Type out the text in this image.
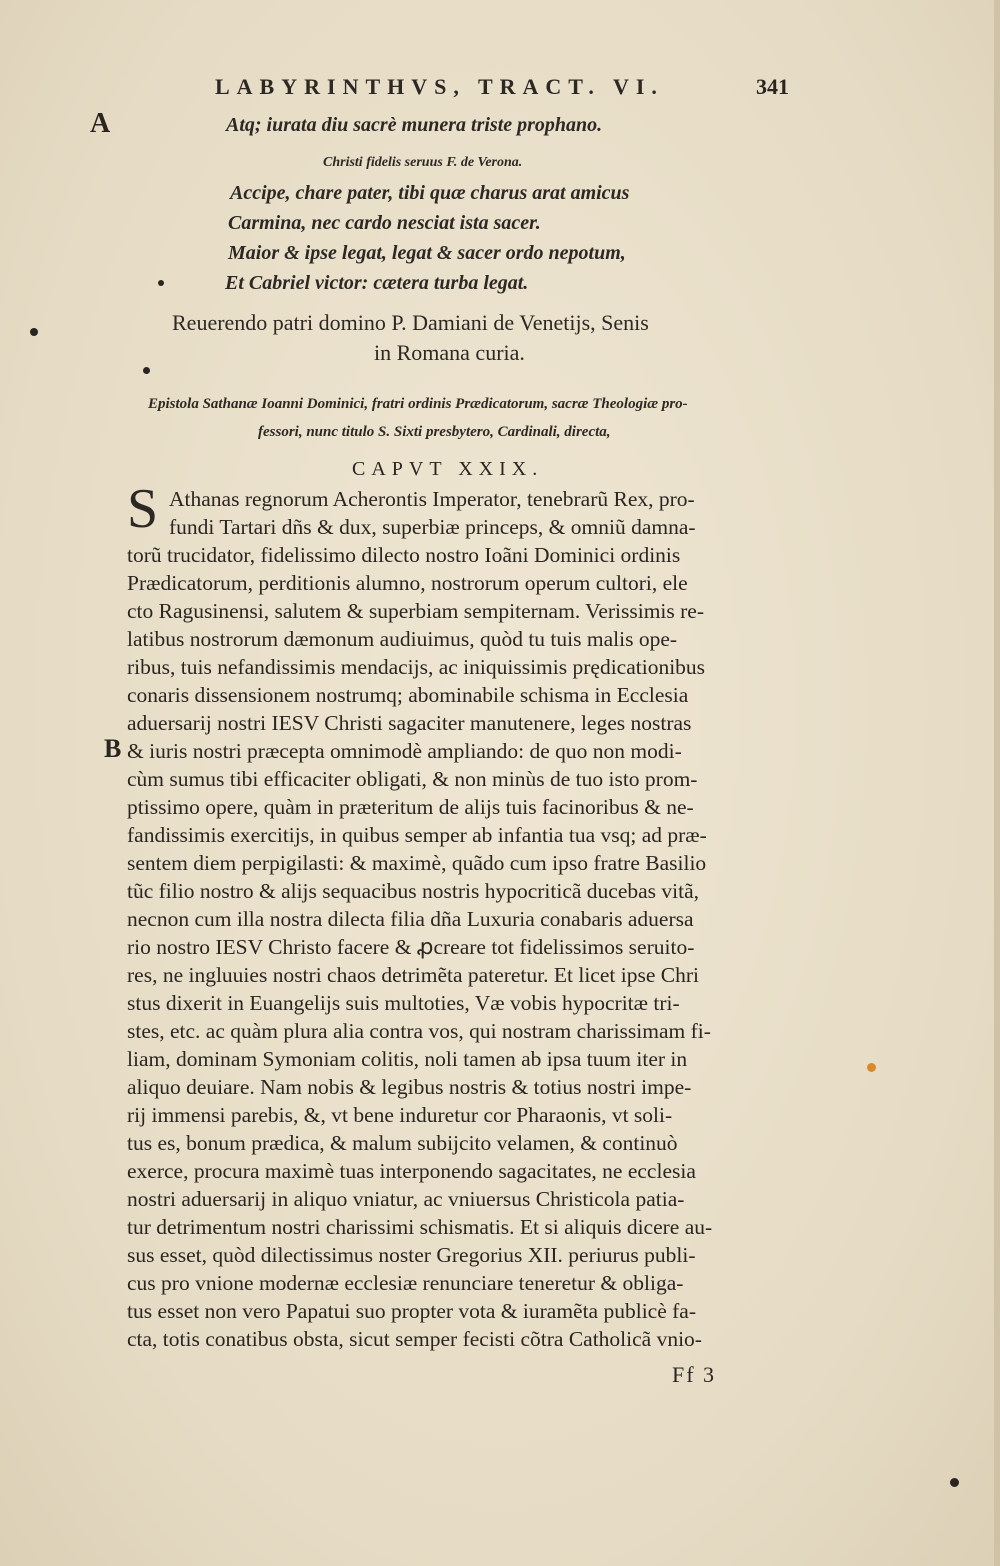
LABYRINTHVS, TRACT. VI.	341
A
B
Atq; iurata diu sacrè munera triste prophano.
Christi fidelis seruus F. de Verona.
Accipe, chare pater, tibi quæ charus arat amicus
Carmina, nec cardo nesciat ista sacer.
Maior & ipse legat, legat & sacer ordo nepotum,
Et Cabriel victor: cætera turba legat.
Reuerendo patri domino P. Damiani de Venetijs, Senis
in Romana curia.
Epistola Sathanæ Ioanni Dominici, fratri ordinis Prædicatorum, sacræ Theologiæ pro-
fessori, nunc titulo S. Sixti presbytero, Cardinali, directa,
CAPVT XXIX.
S Athanas regnorum Acherontis Imperator, tenebrarũ Rex, pro-
fundi Tartari dñs & dux, superbiæ princeps, & omniũ damna-
torũ trucidator, fidelissimo dilecto nostro Ioãni Dominici ordinis
Prædicatorum, perditionis alumno, nostrorum operum cultori, ele
cto Ragusinensi, salutem & superbiam sempiternam. Verissimis re-
latibus nostrorum dæmonum audiuimus, quòd tu tuis malis ope-
ribus, tuis nefandissimis mendacijs, ac iniquissimis prędicationibus
conaris dissensionem nostrumq; abominabile schisma in Ecclesia
aduersarij nostri IESV Christi sagaciter manutenere, leges nostras
& iuris nostri præcepta omnimodè ampliando: de quo non modi-
cùm sumus tibi efficaciter obligati, & non minùs de tuo isto prom-
ptissimo opere, quàm in præteritum de alijs tuis facinoribus & ne-
fandissimis exercitijs, in quibus semper ab infantia tua vsq; ad præ-
sentem diem perpigilasti: & maximè, quãdo cum ipso fratre Basilio
tũc filio nostro & alijs sequacibus nostris hypocriticã ducebas vitã,
necnon cum illa nostra dilecta filia dña Luxuria conabaris aduersa
rio nostro IESV Christo facere & ꝓcreare tot fidelissimos seruito-
res, ne ingluuies nostri chaos detrimẽta pateretur. Et licet ipse Chri
stus dixerit in Euangelijs suis multoties, Væ vobis hypocritæ tri-
stes, etc. ac quàm plura alia contra vos, qui nostram charissimam fi-
liam, dominam Symoniam colitis, noli tamen ab ipsa tuum iter in
aliquo deuiare. Nam nobis & legibus nostris & totius nostri impe-
rij immensi parebis, &, vt bene induretur cor Pharaonis, vt soli-
tus es, bonum prædica, & malum subijcito velamen, & continuò
exerce, procura maximè tuas interponendo sagacitates, ne ecclesia
nostri aduersarij in aliquo vniatur, ac vniuersus Christicola patia-
tur detrimentum nostri charissimi schismatis. Et si aliquis dicere au-
sus esset, quòd dilectissimus noster Gregorius XII. periurus publi-
cus pro vnione modernæ ecclesiæ renunciare teneretur & obliga-
tus esset non vero Papatui suo propter vota & iuramẽta publicè fa-
cta, totis conatibus obsta, sicut semper fecisti cõtra Catholicã vnio-
Ff 3
